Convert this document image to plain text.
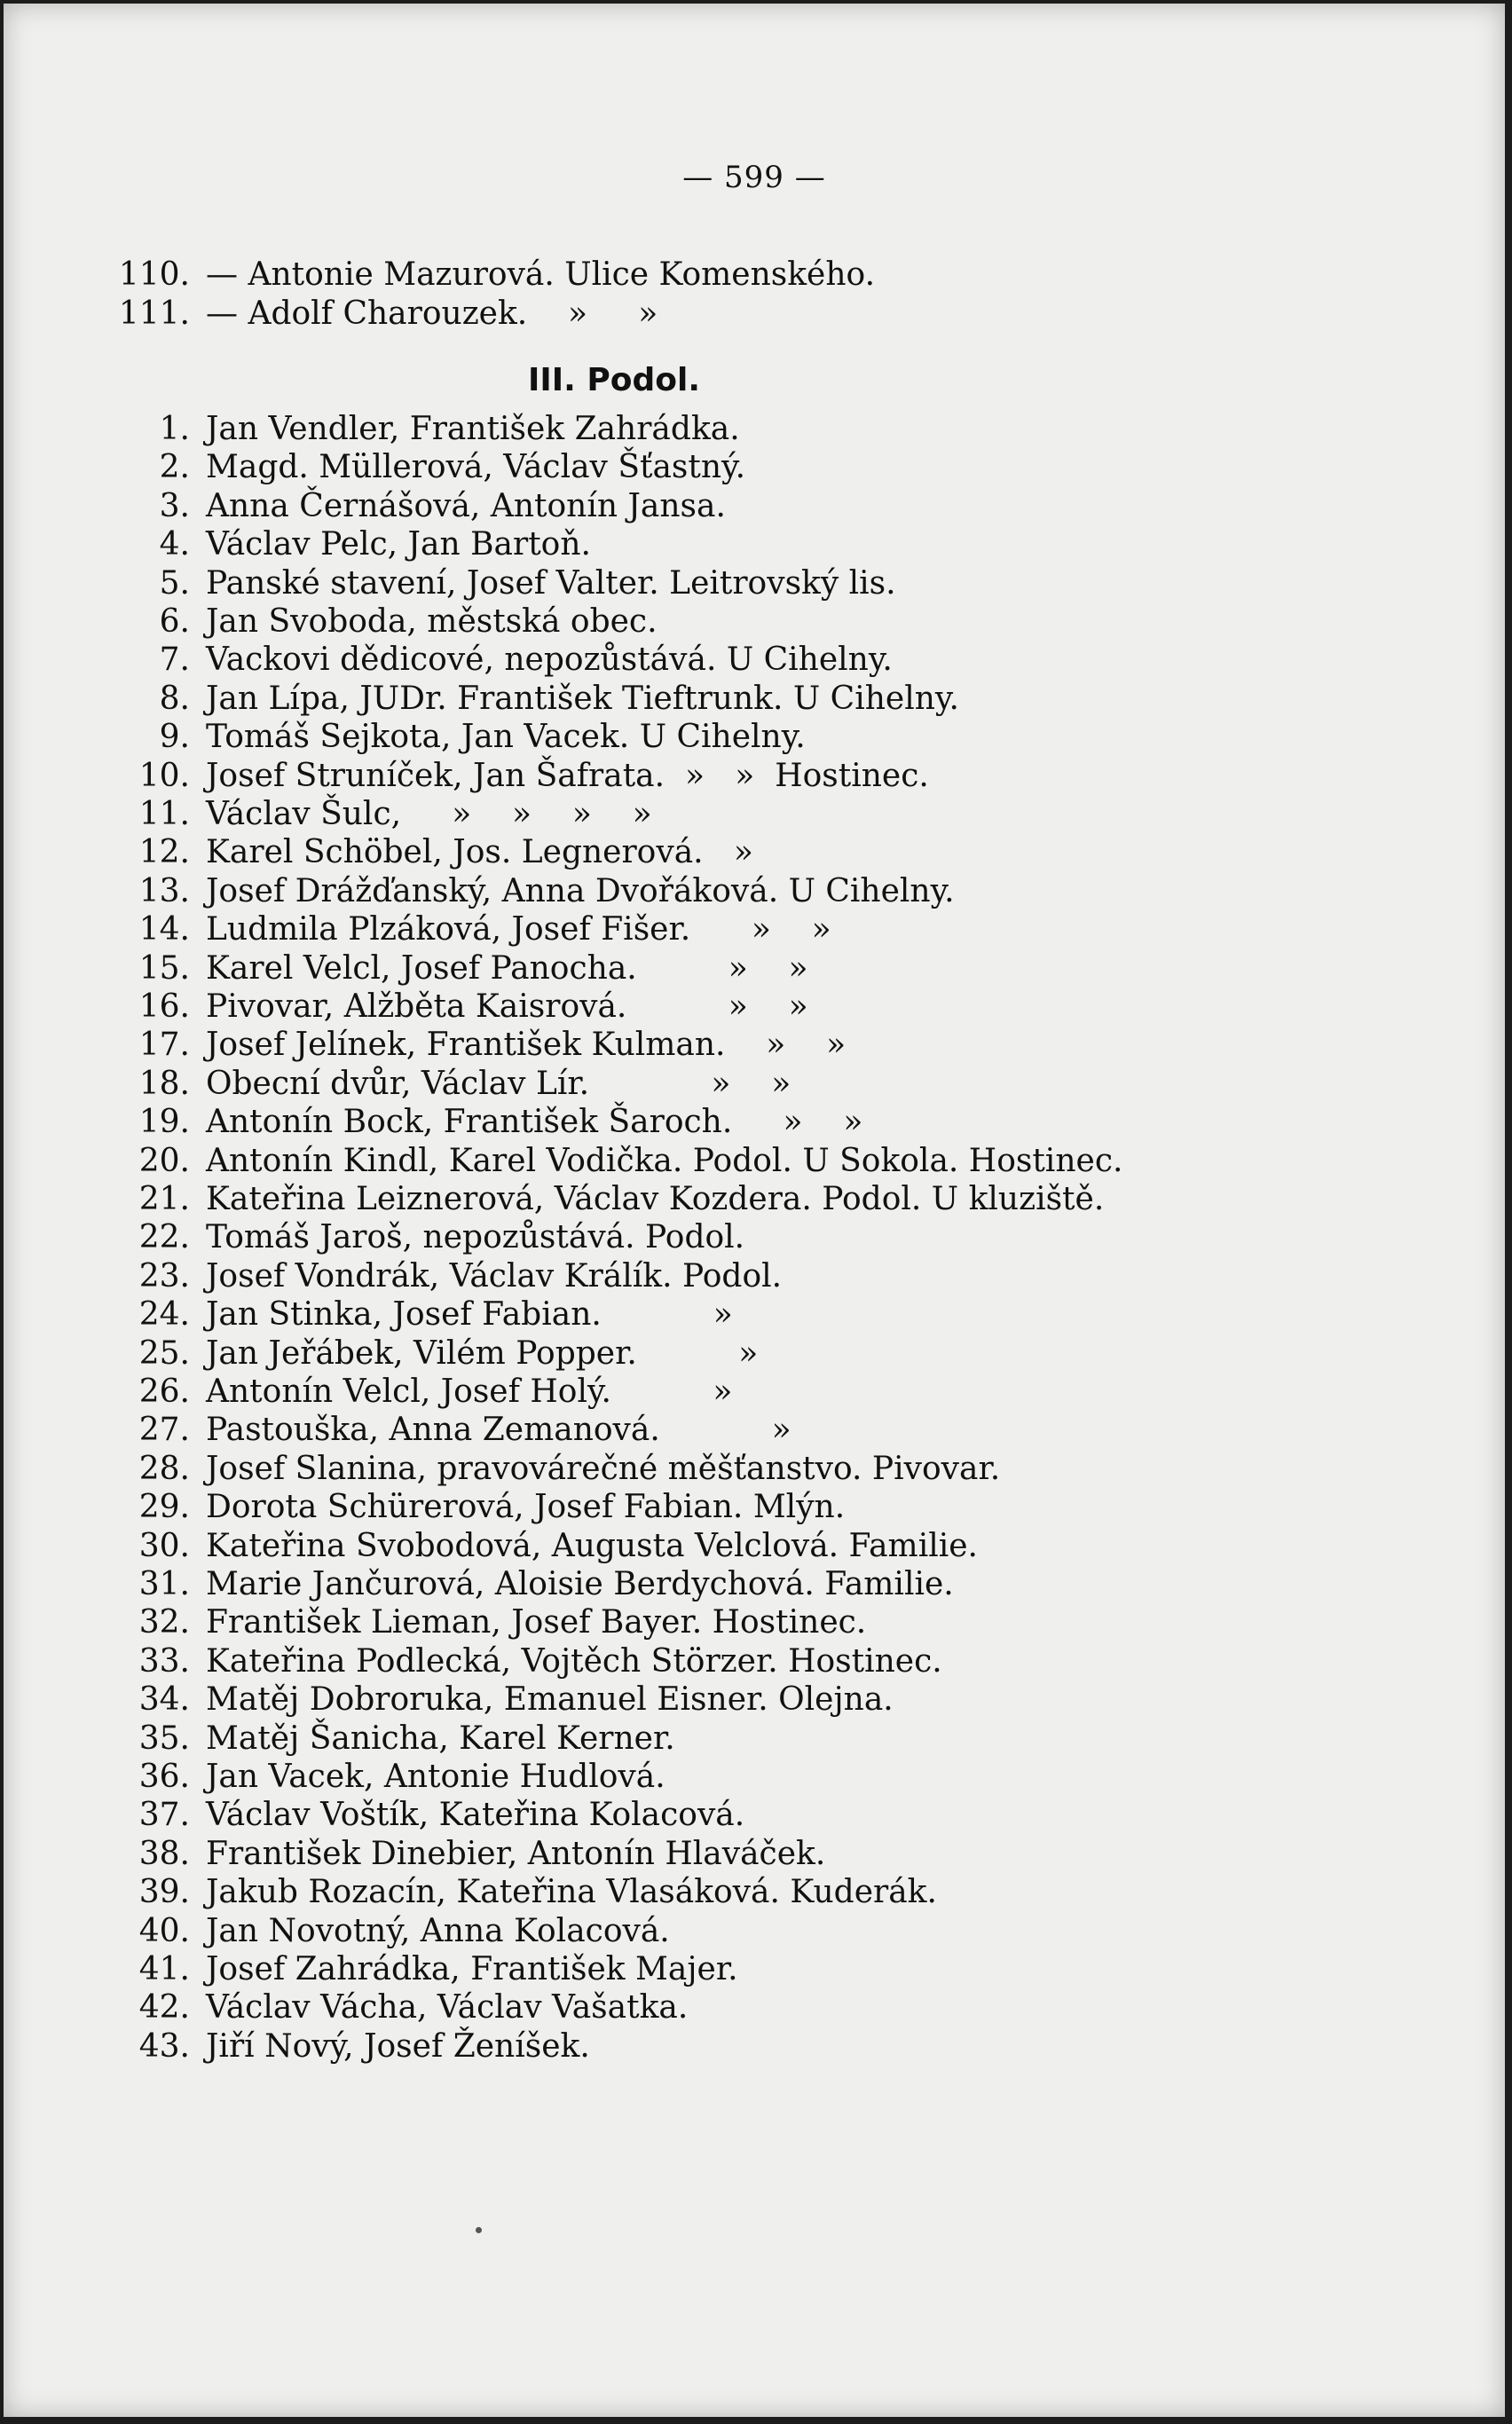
— 599 —
110. — Antonie Mazurová. Ulice Komenského.
111. — Adolf Charouzek.    »     »
III. Podol.
1. Jan Vendler, František Zahrádka.
2. Magd. Müllerová, Václav Šťastný.
3. Anna Černášová, Antonín Jansa.
4. Václav Pelc, Jan Bartoň.
5. Panské stavení, Josef Valter. Leitrovský lis.
6. Jan Svoboda, městská obec.
7. Vackovi dědicové, nepozůstává. U Cihelny.
8. Jan Lípa, JUDr. František Tieftrunk. U Cihelny.
9. Tomáš Sejkota, Jan Vacek. U Cihelny.
10. Josef Struníček, Jan Šafrata.  »   »  Hostinec.
11. Václav Šulc,     »    »    »    »
12. Karel Schöbel, Jos. Legnerová.   »
13. Josef Drážďanský, Anna Dvořáková. U Cihelny.
14. Ludmila Plzáková, Josef Fišer.      »    »
15. Karel Velcl, Josef Panocha.         »    »
16. Pivovar, Alžběta Kaisrová.          »    »
17. Josef Jelínek, František Kulman.    »    »
18. Obecní dvůr, Václav Lír.            »    »
19. Antonín Bock, František Šaroch.     »    »
20. Antonín Kindl, Karel Vodička. Podol. U Sokola. Hostinec.
21. Kateřina Leiznerová, Václav Kozdera. Podol. U kluziště.
22. Tomáš Jaroš, nepozůstává. Podol.
23. Josef Vondrák, Václav Králík. Podol.
24. Jan Stinka, Josef Fabian.           »
25. Jan Jeřábek, Vilém Popper.          »
26. Antonín Velcl, Josef Holý.          »
27. Pastouška, Anna Zemanová.           »
28. Josef Slanina, pravovárečné měšťanstvo. Pivovar.
29. Dorota Schürerová, Josef Fabian. Mlýn.
30. Kateřina Svobodová, Augusta Velclová. Familie.
31. Marie Jančurová, Aloisie Berdychová. Familie.
32. František Lieman, Josef Bayer. Hostinec.
33. Kateřina Podlecká, Vojtěch Störzer. Hostinec.
34. Matěj Dobroruka, Emanuel Eisner. Olejna.
35. Matěj Šanicha, Karel Kerner.
36. Jan Vacek, Antonie Hudlová.
37. Václav Voštík, Kateřina Kolacová.
38. František Dinebier, Antonín Hlaváček.
39. Jakub Rozacín, Kateřina Vlasáková. Kuderák.
40. Jan Novotný, Anna Kolacová.
41. Josef Zahrádka, František Majer.
42. Václav Vácha, Václav Vašatka.
43. Jiří Nový, Josef Ženíšek.
